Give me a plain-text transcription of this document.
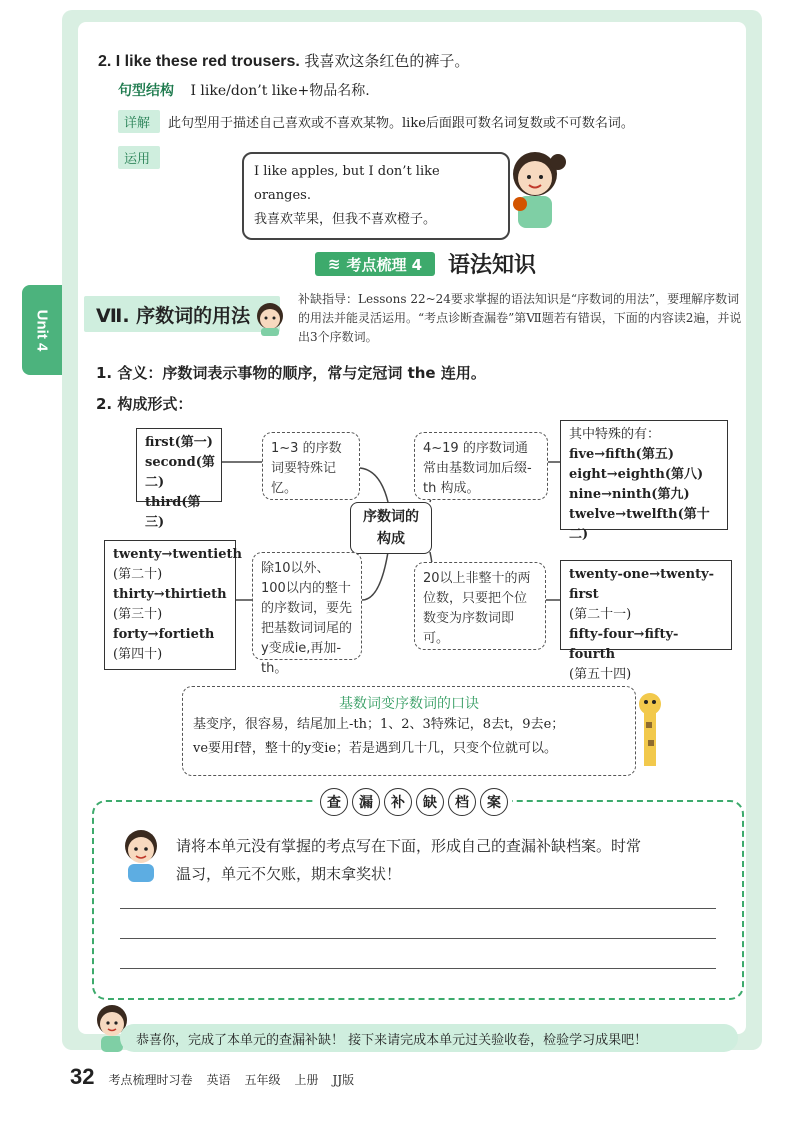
Unit 4
2. I like these red trousers. 我喜欢这条红色的裤子。
句型结构 I like/don’t like+物品名称.
详解	此句型用于描述自己喜欢或不喜欢某物。like后面跟可数名词复数或不可数名词。
运用
I like apples, but I don’t like oranges.
我喜欢苹果，但我不喜欢橙子。
≋ 考点梳理 4 语法知识
Ⅶ. 序数词的用法
补缺指导：Lessons 22~24要求掌握的语法知识是“序数词的用法”，要理解序数词的用法并能灵活运用。“考点诊断查漏卷”第Ⅶ题若有错误，下面的内容读2遍，并说出3个序数词。
1. 含义：序数词表示事物的顺序，常与定冠词 the 连用。
2. 构成形式：
first(第一)
second(第二)
third(第三)
1~3 的序数词要特殊记忆。
4~19 的序数词通常由基数词加后缀-th 构成。
其中特殊的有：
five→fifth(第五)
eight→eighth(第八)
nine→ninth(第九)
twelve→twelfth(第十二)
序数词的构成
twenty→twentieth
(第二十)
thirty→thirtieth
(第三十)
forty→fortieth
(第四十)
除10以外、100以内的整十的序数词，要先把基数词词尾的y变成ie,再加-th。
20以上非整十的两位数，只要把个位数变为序数词即可。
twenty-one→twenty-first
(第二十一)
fifty-four→fifty-fourth
(第五十四)
基数词变序数词的口诀
基变序，很容易，结尾加上-th；1、2、3特殊记，8去t，9去e；
ve要用f替，整十的y变ie；若是遇到几十几，只变个位就可以。
查	漏	补	缺	档	案
请将本单元没有掌握的考点写在下面，形成自己的查漏补缺档案。时常
温习，单元不欠账，期末拿奖状！
恭喜你，完成了本单元的查漏补缺！ 接下来请完成本单元过关验收卷，检验学习成果吧！
32 考点梳理时习卷 英语 五年级 上册 JJ版
